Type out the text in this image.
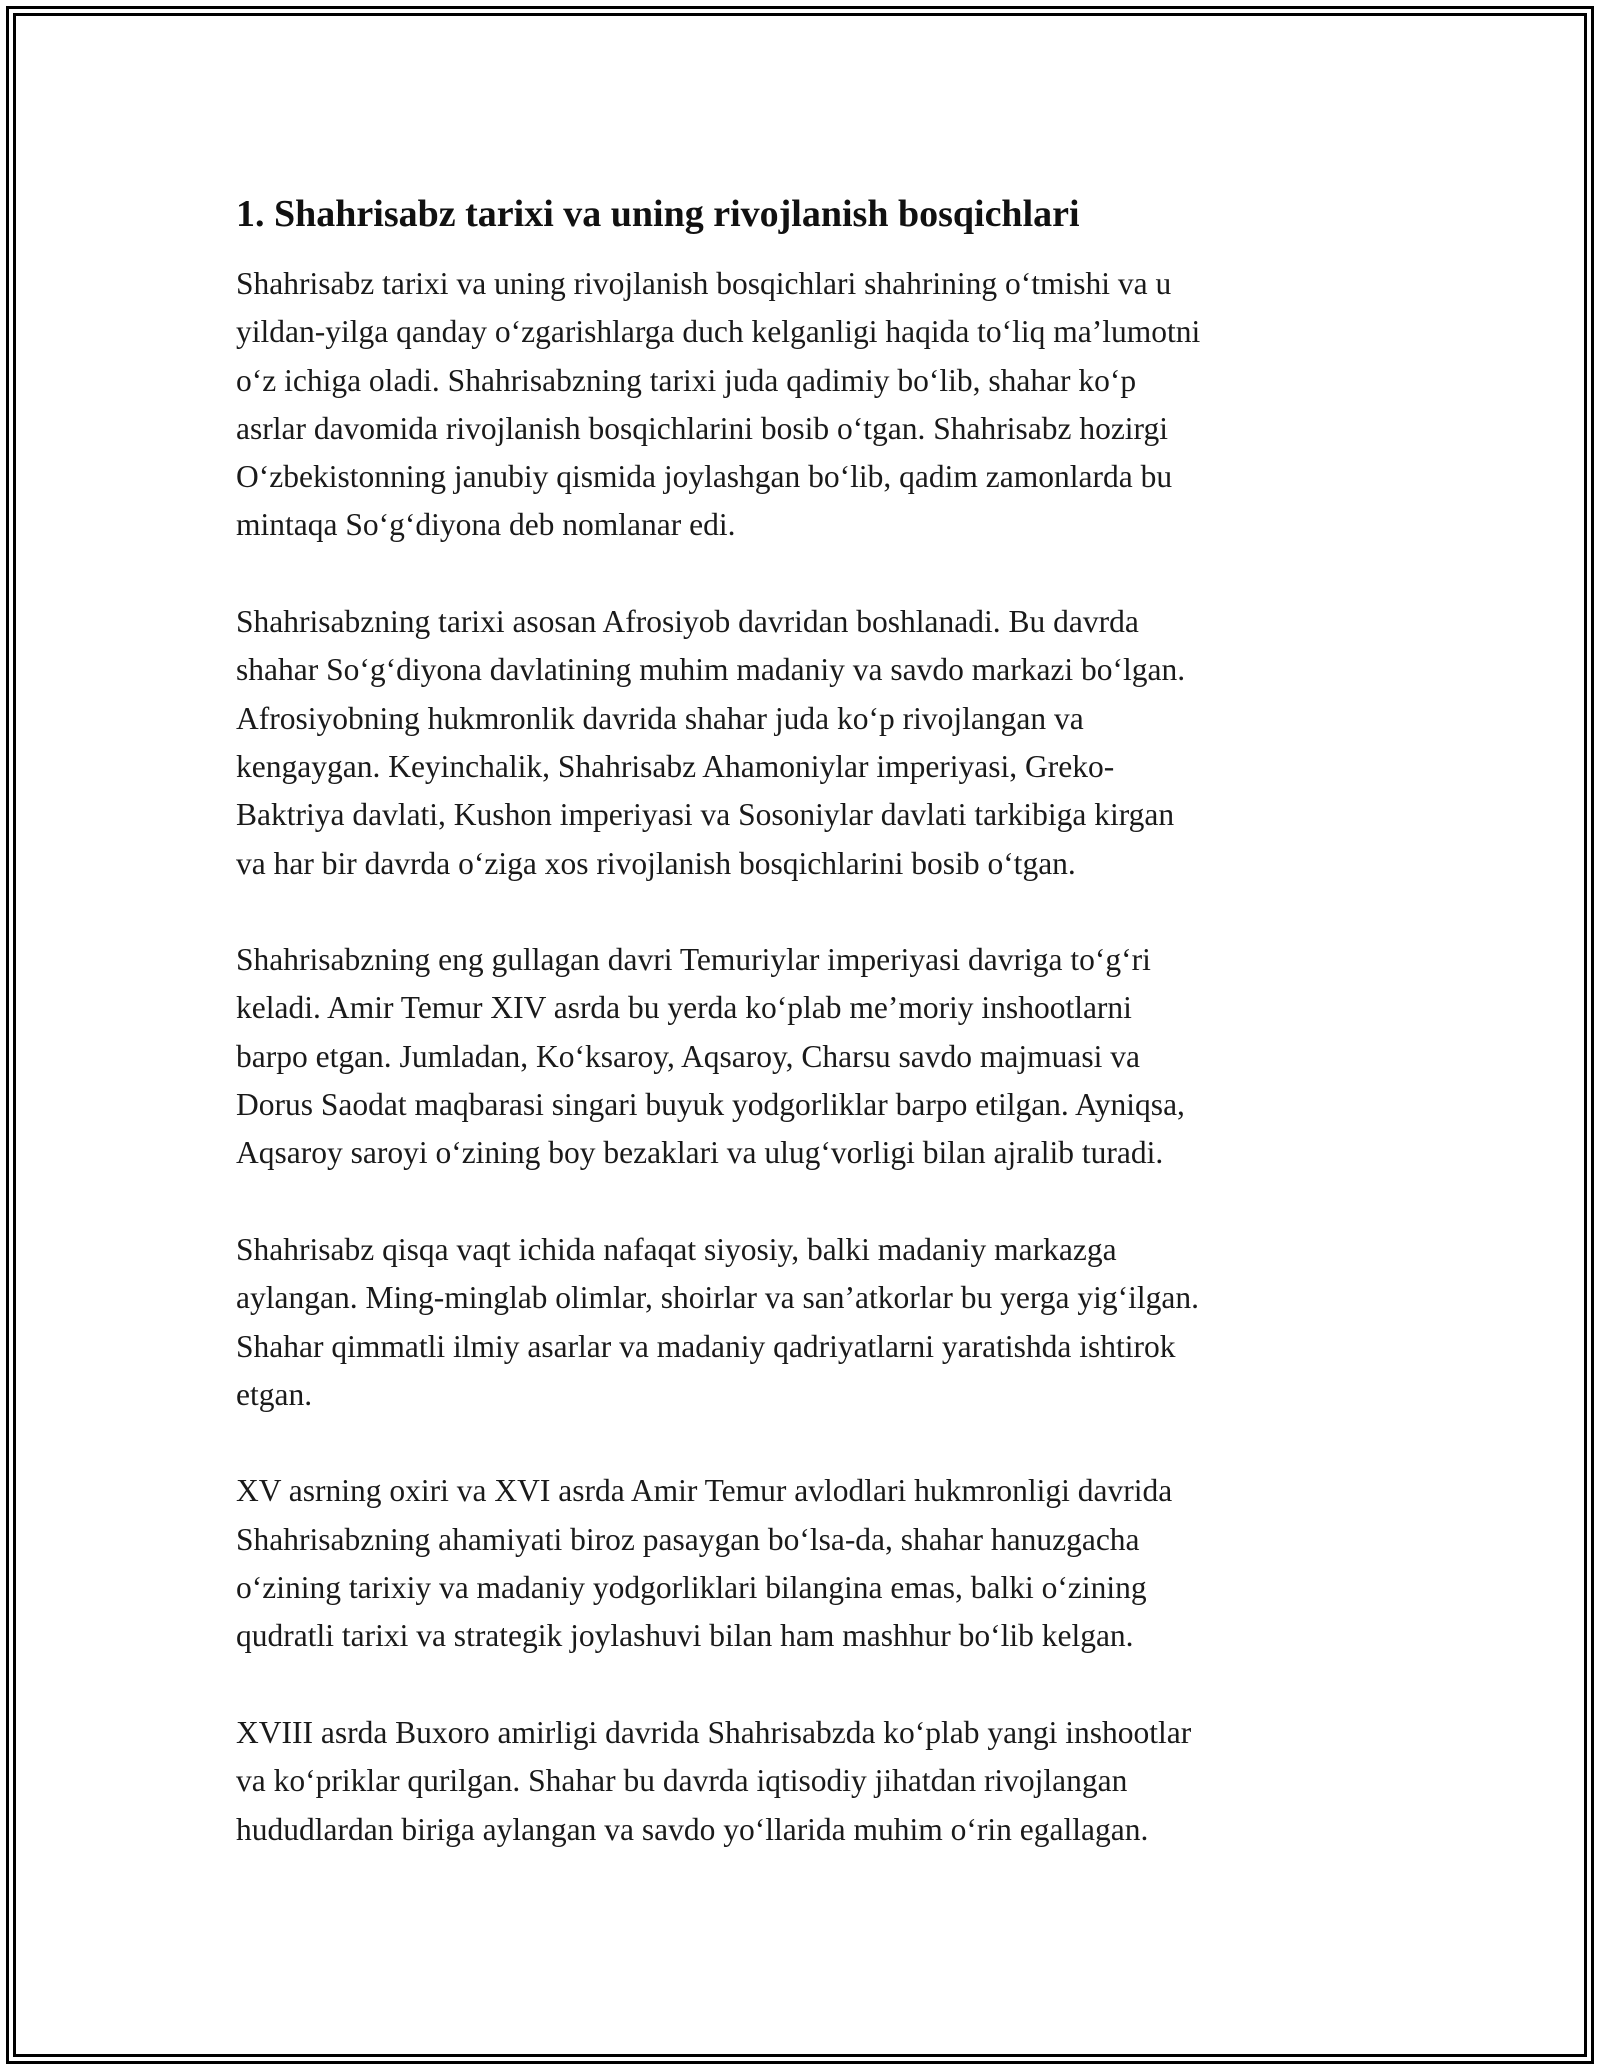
1. Shahrisabz tarixi va uning rivojlanish bosqichlari

Shahrisabz tarixi va uning rivojlanish bosqichlari shahrining o‘tmishi va u
yildan-yilga qanday o‘zgarishlarga duch kelganligi haqida to‘liq ma’lumotni
o‘z ichiga oladi. Shahrisabzning tarixi juda qadimiy bo‘lib, shahar ko‘p
asrlar davomida rivojlanish bosqichlarini bosib o‘tgan. Shahrisabz hozirgi
O‘zbekistonning janubiy qismida joylashgan bo‘lib, qadim zamonlarda bu
mintaqa So‘g‘diyona deb nomlanar edi.

Shahrisabzning tarixi asosan Afrosiyob davridan boshlanadi. Bu davrda
shahar So‘g‘diyona davlatining muhim madaniy va savdo markazi bo‘lgan.
Afrosiyobning hukmronlik davrida shahar juda ko‘p rivojlangan va
kengaygan. Keyinchalik, Shahrisabz Ahamoniylar imperiyasi, Greko-
Baktriya davlati, Kushon imperiyasi va Sosoniylar davlati tarkibiga kirgan
va har bir davrda o‘ziga xos rivojlanish bosqichlarini bosib o‘tgan.

Shahrisabzning eng gullagan davri Temuriylar imperiyasi davriga to‘g‘ri
keladi. Amir Temur XIV asrda bu yerda ko‘plab me’moriy inshootlarni
barpo etgan. Jumladan, Ko‘ksaroy, Aqsaroy, Charsu savdo majmuasi va
Dorus Saodat maqbarasi singari buyuk yodgorliklar barpo etilgan. Ayniqsa,
Aqsaroy saroyi o‘zining boy bezaklari va ulug‘vorligi bilan ajralib turadi.

Shahrisabz qisqa vaqt ichida nafaqat siyosiy, balki madaniy markazga
aylangan. Ming-minglab olimlar, shoirlar va san’atkorlar bu yerga yig‘ilgan.
Shahar qimmatli ilmiy asarlar va madaniy qadriyatlarni yaratishda ishtirok
etgan.

XV asrning oxiri va XVI asrda Amir Temur avlodlari hukmronligi davrida
Shahrisabzning ahamiyati biroz pasaygan bo‘lsa-da, shahar hanuzgacha
o‘zining tarixiy va madaniy yodgorliklari bilangina emas, balki o‘zining
qudratli tarixi va strategik joylashuvi bilan ham mashhur bo‘lib kelgan.

XVIII asrda Buxoro amirligi davrida Shahrisabzda ko‘plab yangi inshootlar
va ko‘priklar qurilgan. Shahar bu davrda iqtisodiy jihatdan rivojlangan
hududlardan biriga aylangan va savdo yo‘llarida muhim o‘rin egallagan.
